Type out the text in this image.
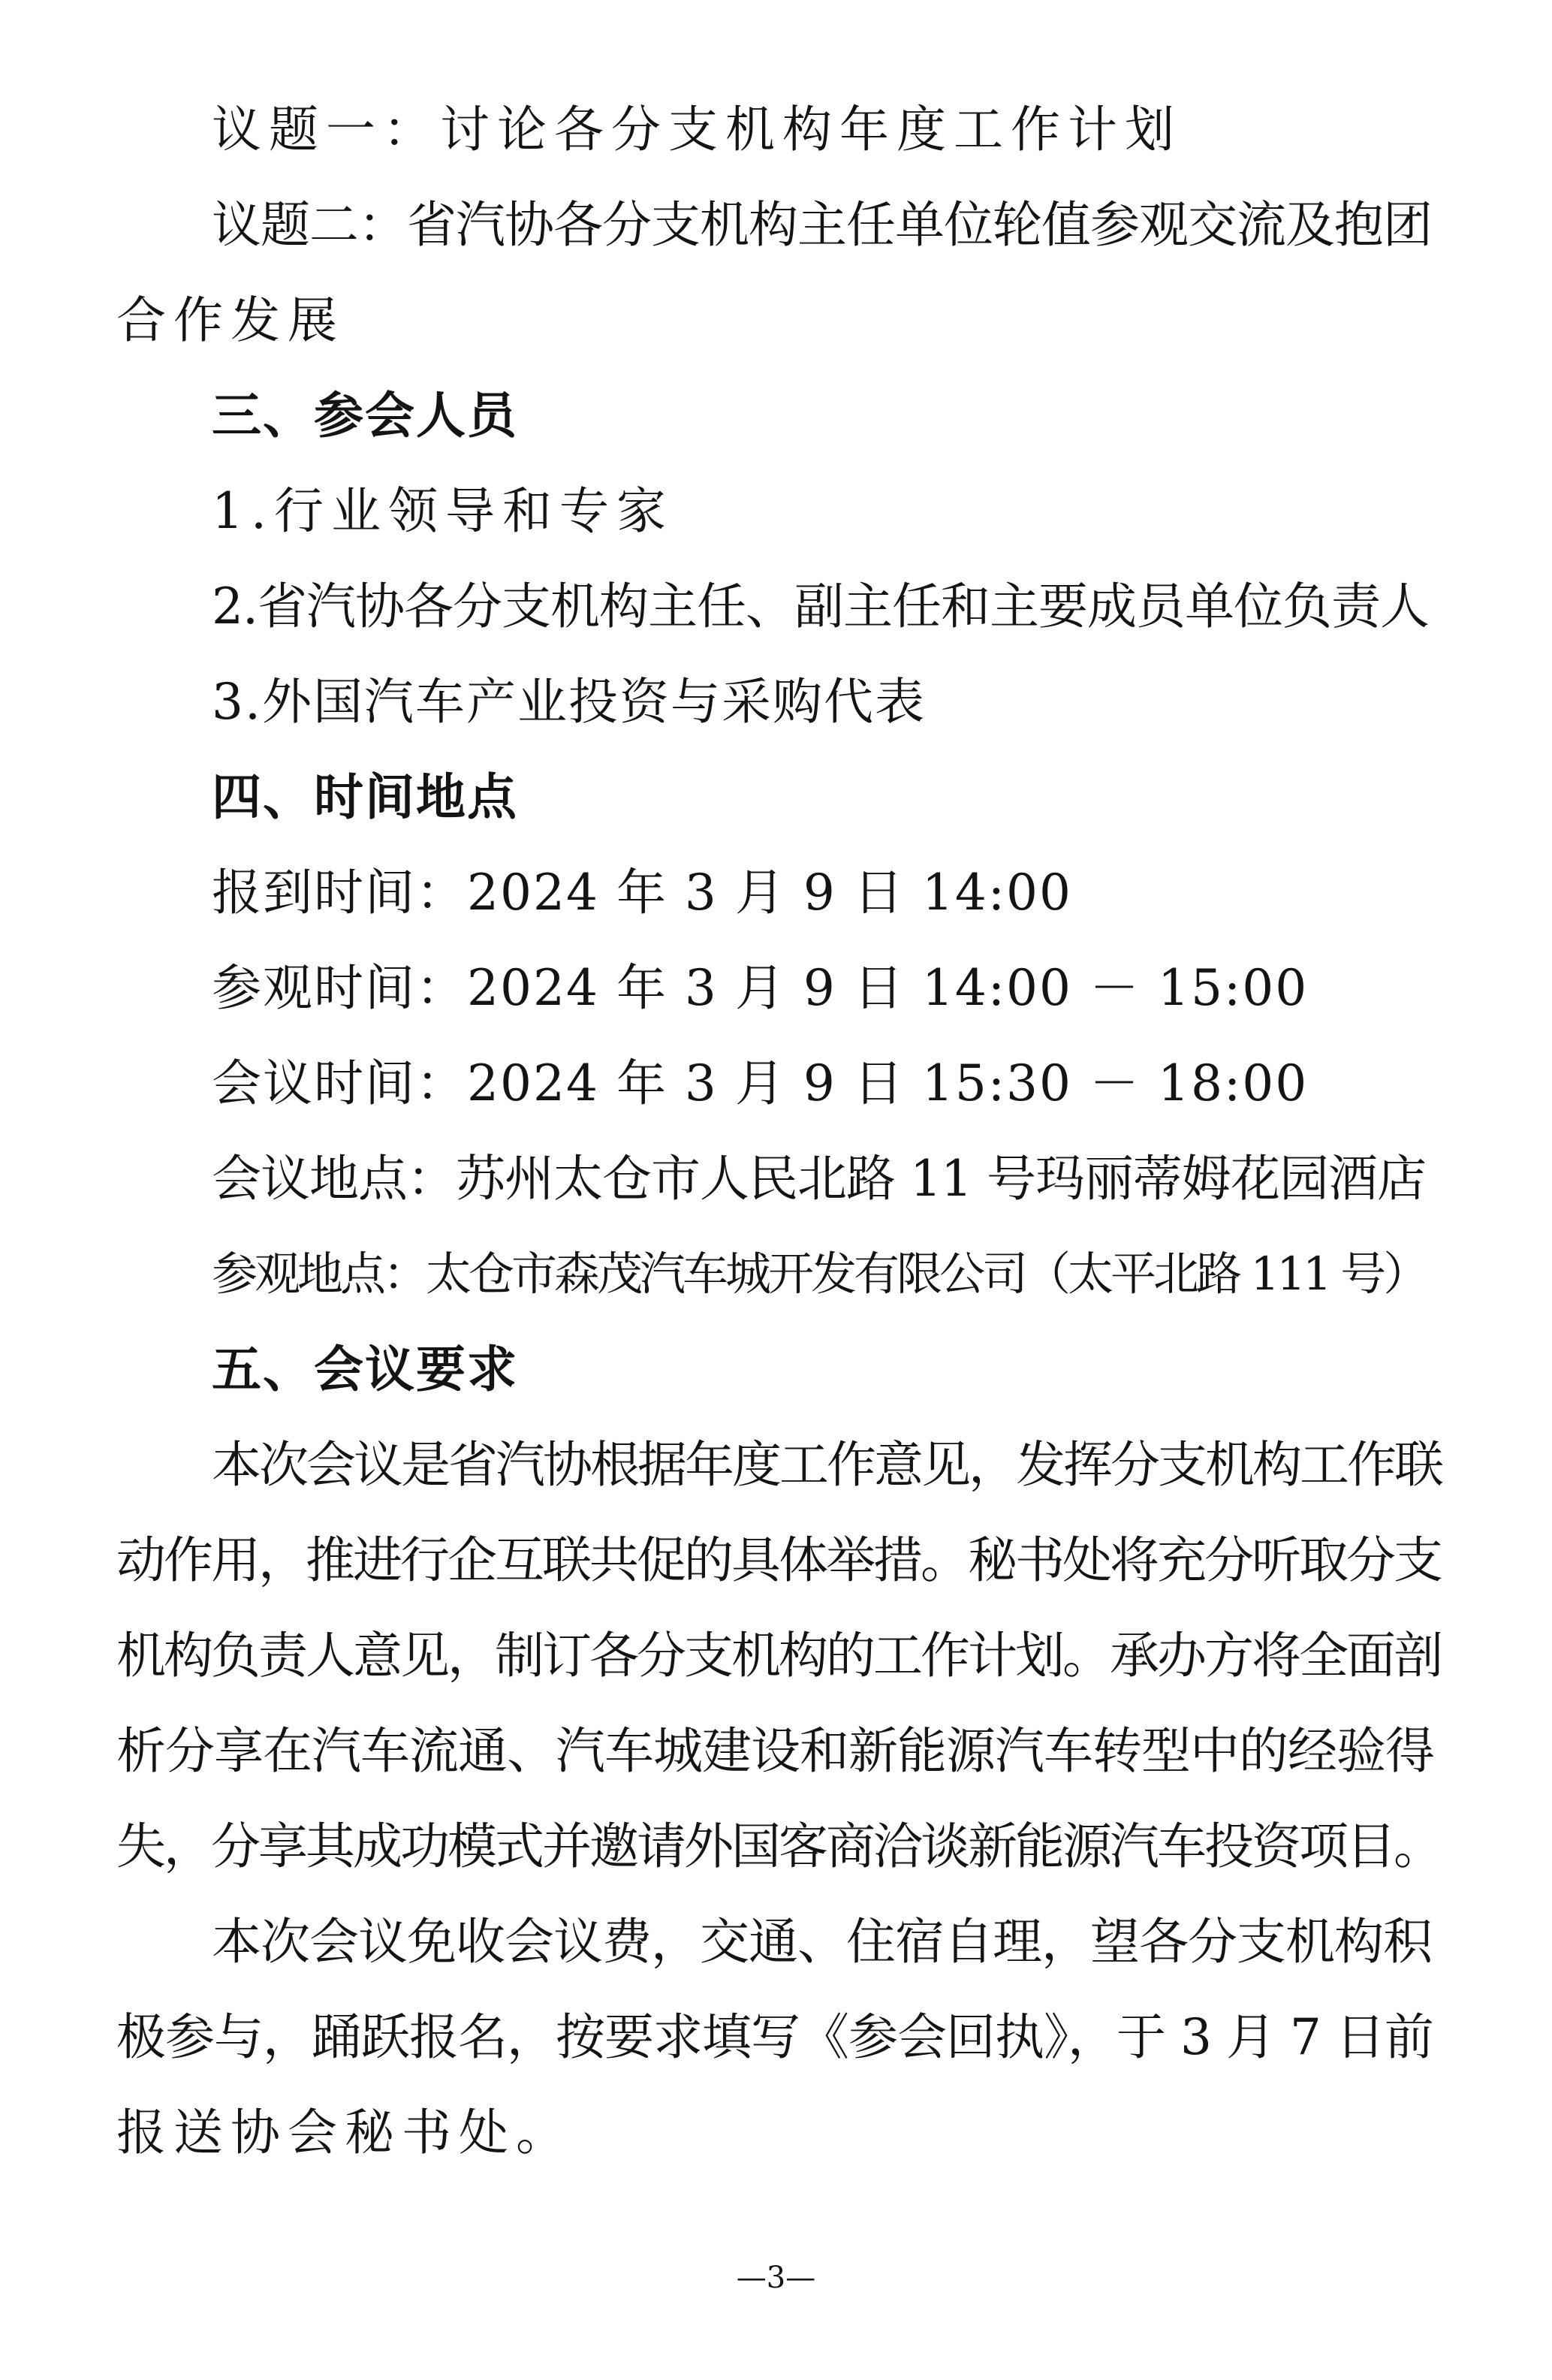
议题一：讨论各分支机构年度工作计划
议题二：省汽协各分支机构主任单位轮值参观交流及抱团
合作发展
三、参会人员
1.行业领导和专家
2.省汽协各分支机构主任、副主任和主要成员单位负责人
3.外国汽车产业投资与采购代表
四、时间地点
报到时间：2024 年 3 月 9 日 14:00
参观时间：2024 年 3 月 9 日 14:00 － 15:00
会议时间：2024 年 3 月 9 日 15:30 － 18:00
会议地点：苏州太仓市人民北路 11 号玛丽蒂姆花园酒店
参观地点：太仓市森茂汽车城开发有限公司（太平北路 111 号）
五、会议要求
本次会议是省汽协根据年度工作意见，发挥分支机构工作联
动作用，推进行企互联共促的具体举措。秘书处将充分听取分支
机构负责人意见，制订各分支机构的工作计划。承办方将全面剖
析分享在汽车流通、汽车城建设和新能源汽车转型中的经验得
失，分享其成功模式并邀请外国客商洽谈新能源汽车投资项目。
本次会议免收会议费，交通、住宿自理，望各分支机构积
极参与，踊跃报名，按要求填写《参会回执》，于 3 月 7 日前
报送协会秘书处。
—3—
